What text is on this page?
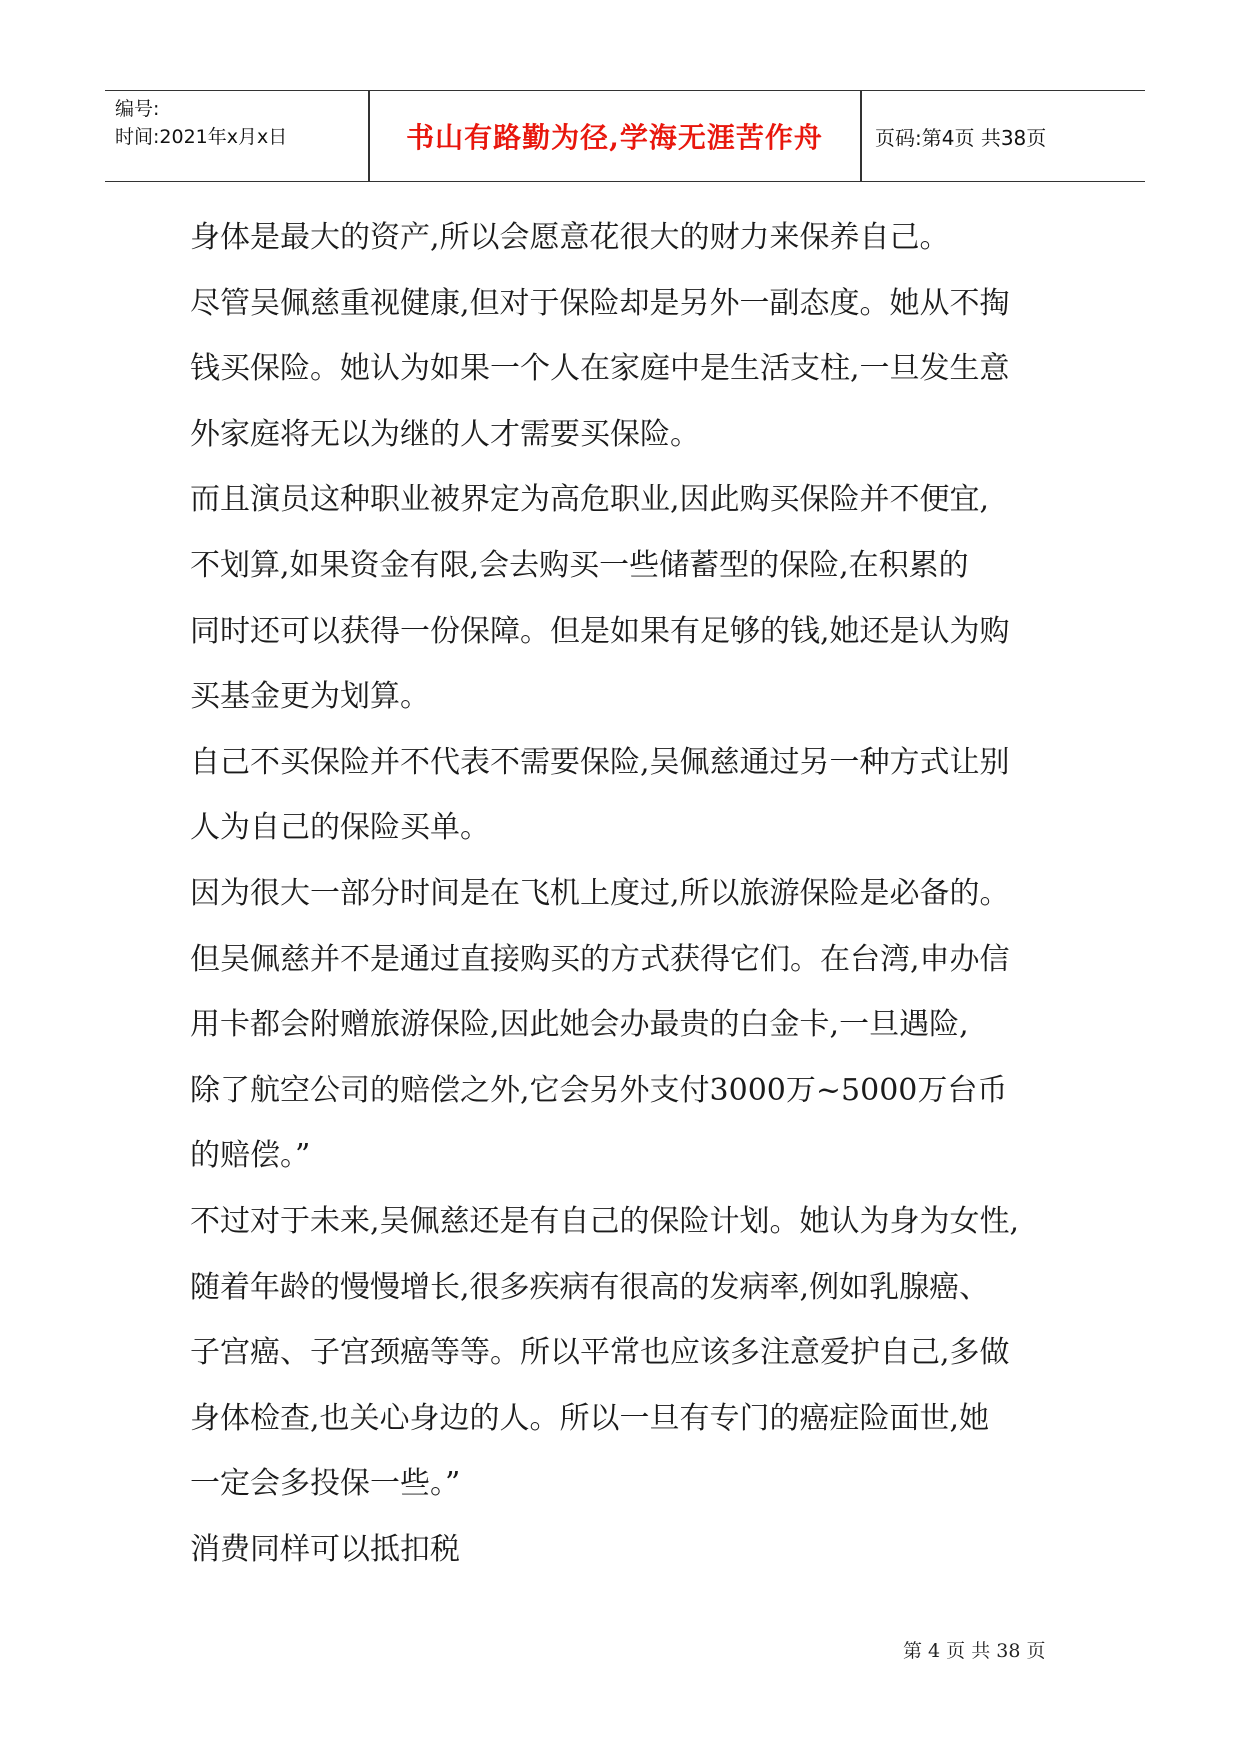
编号:
时间:2021年x月x日	书山有路勤为径,学海无涯苦作舟	页码:第4页 共38页
身体是最大的资产,所以会愿意花很大的财力来保养自己。
尽管吴佩慈重视健康,但对于保险却是另外一副态度。她从不掏
钱买保险。她认为如果一个人在家庭中是生活支柱,一旦发生意
外家庭将无以为继的人才需要买保险。
而且演员这种职业被界定为高危职业,因此购买保险并不便宜,
不划算,如果资金有限,会去购买一些储蓄型的保险,在积累的
同时还可以获得一份保障。但是如果有足够的钱,她还是认为购
买基金更为划算。
自己不买保险并不代表不需要保险,吴佩慈通过另一种方式让别
人为自己的保险买单。
因为很大一部分时间是在飞机上度过,所以旅游保险是必备的。
但吴佩慈并不是通过直接购买的方式获得它们。在台湾,申办信
用卡都会附赠旅游保险,因此她会办最贵的白金卡,一旦遇险,
除了航空公司的赔偿之外,它会另外支付3000万~5000万台币
的赔偿。”
不过对于未来,吴佩慈还是有自己的保险计划。她认为身为女性,
随着年龄的慢慢增长,很多疾病有很高的发病率,例如乳腺癌、
子宫癌、子宫颈癌等等。所以平常也应该多注意爱护自己,多做
身体检查,也关心身边的人。所以一旦有专门的癌症险面世,她
一定会多投保一些。”
消费同样可以抵扣税
第 4 页 共 38 页
